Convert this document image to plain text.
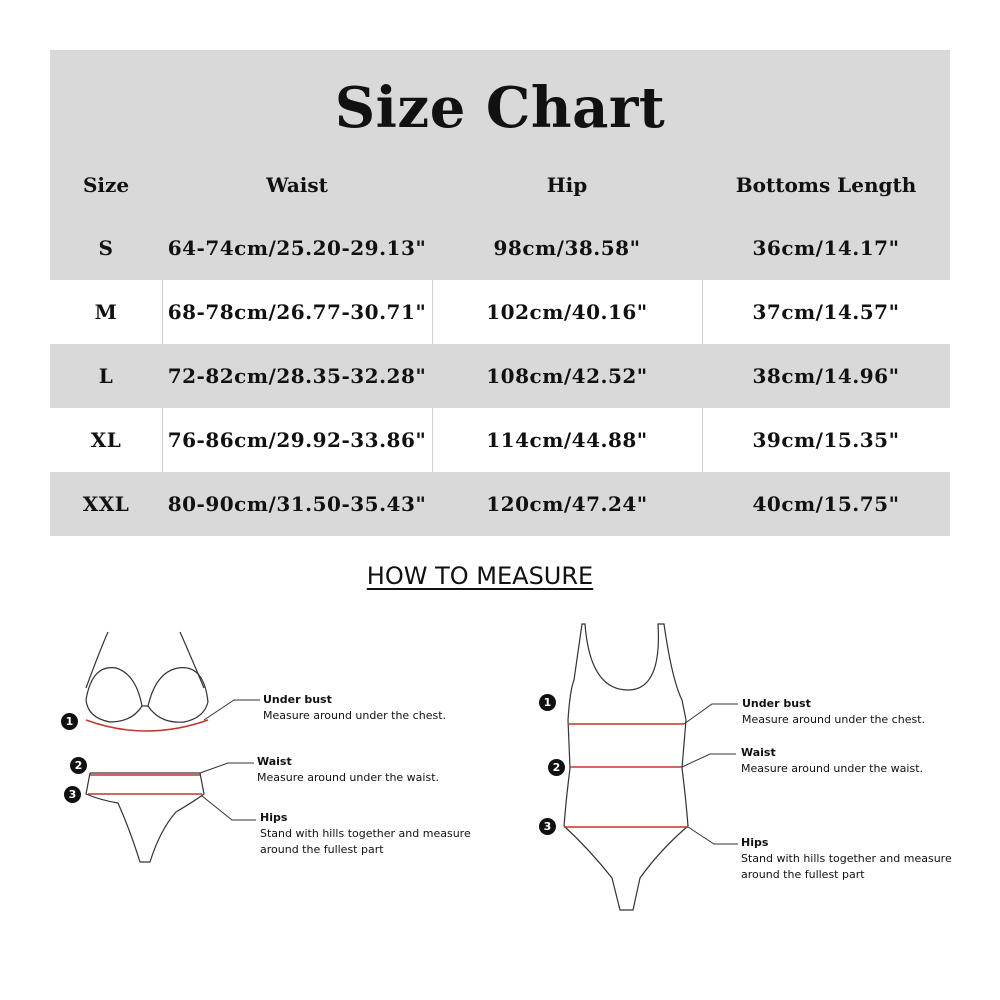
Size Chart
Size	Waist	Hip	Bottoms Length
S	64-74cm/25.20-29.13"	98cm/38.58"	36cm/14.17"
M	68-78cm/26.77-30.71"	102cm/40.16"	37cm/14.57"
L	72-82cm/28.35-32.28"	108cm/42.52"	38cm/14.96"
XL	76-86cm/29.92-33.86"	114cm/44.88"	39cm/15.35"
XXL	80-90cm/31.50-35.43"	120cm/47.24"	40cm/15.75"
HOW TO MEASURE
1
2
3
Under bust
Measure around under the chest.
Waist
Measure around under the waist.
Hips
Stand with hills together and measure
around the fullest part
1
2
3
Under bust
Measure around under the chest.
Waist
Measure around under the waist.
Hips
Stand with hills together and measure
around the fullest part
